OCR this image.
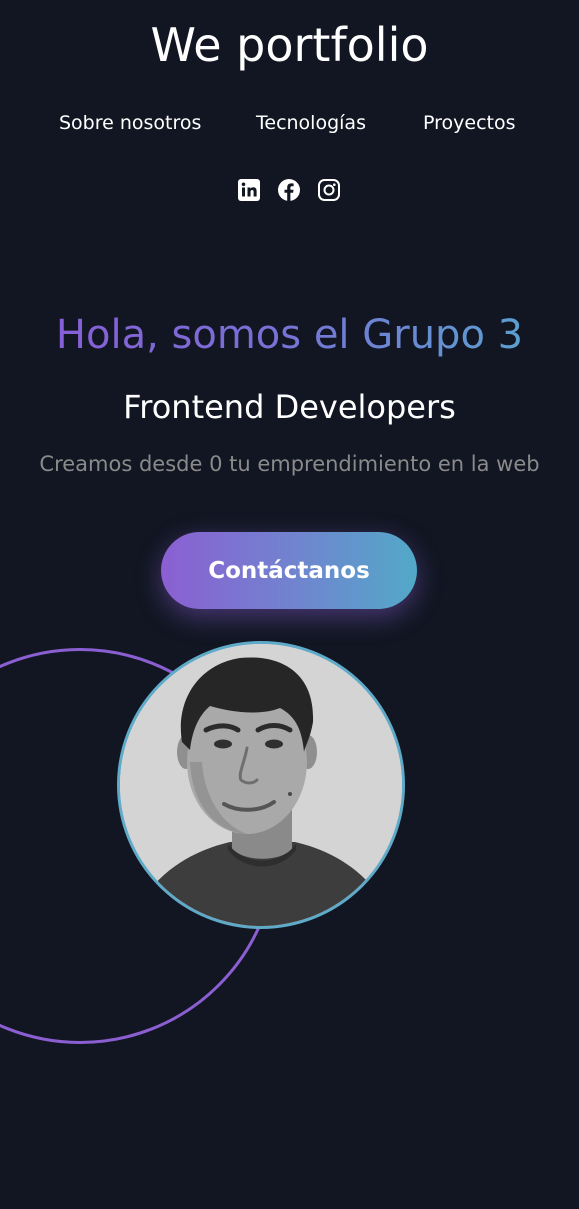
We portfolio
Sobre nosotros	Tecnologías	Proyectos
Hola, somos el Grupo 3
Frontend Developers

Creamos desde 0 tu emprendimiento en la web

Contáctanos
